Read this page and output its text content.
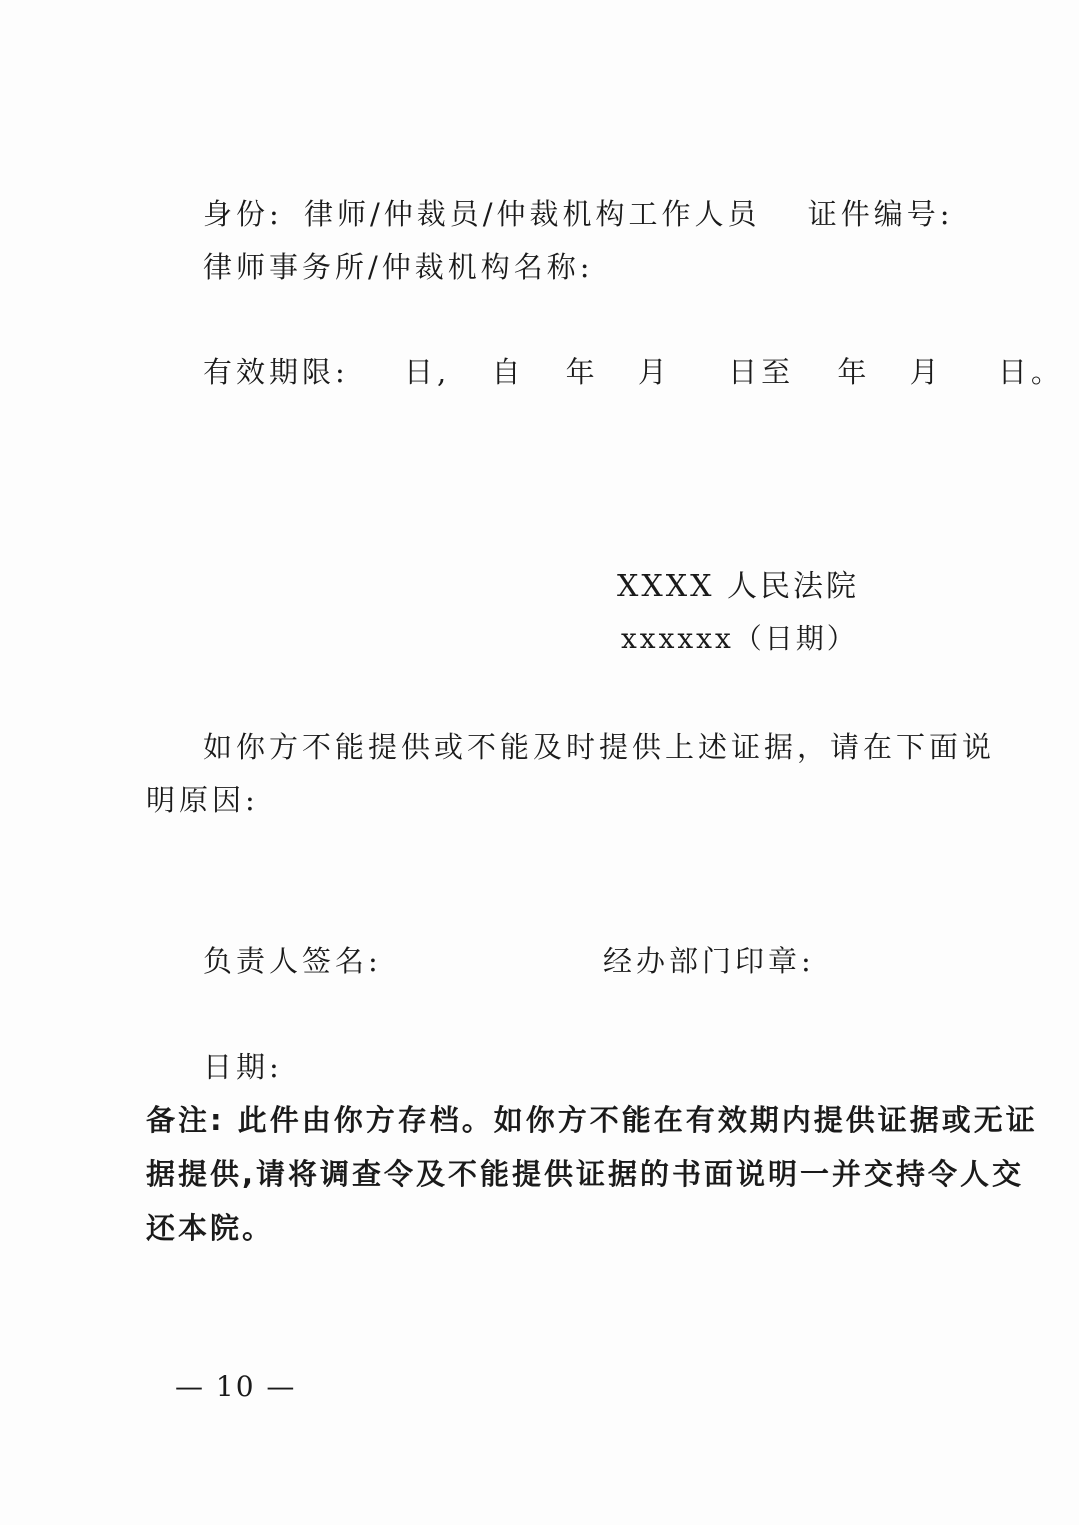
身份: 律师/仲裁员/仲裁机构工作人员 证件编号:
律师事务所/仲裁机构名称:
有效期限: 日, 自 年 月 日至 年 月 日。
XXXX 人民法院
xxxxxx（日期）
如你方不能提供或不能及时提供上述证据，请在下面说
明原因:
负责人签名:	经办部门印章:
日期:
备注: 此件由你方存档。如你方不能在有效期内提供证据或无证
据提供,请将调查令及不能提供证据的书面说明一并交持令人交
还本院。
— 10 —
